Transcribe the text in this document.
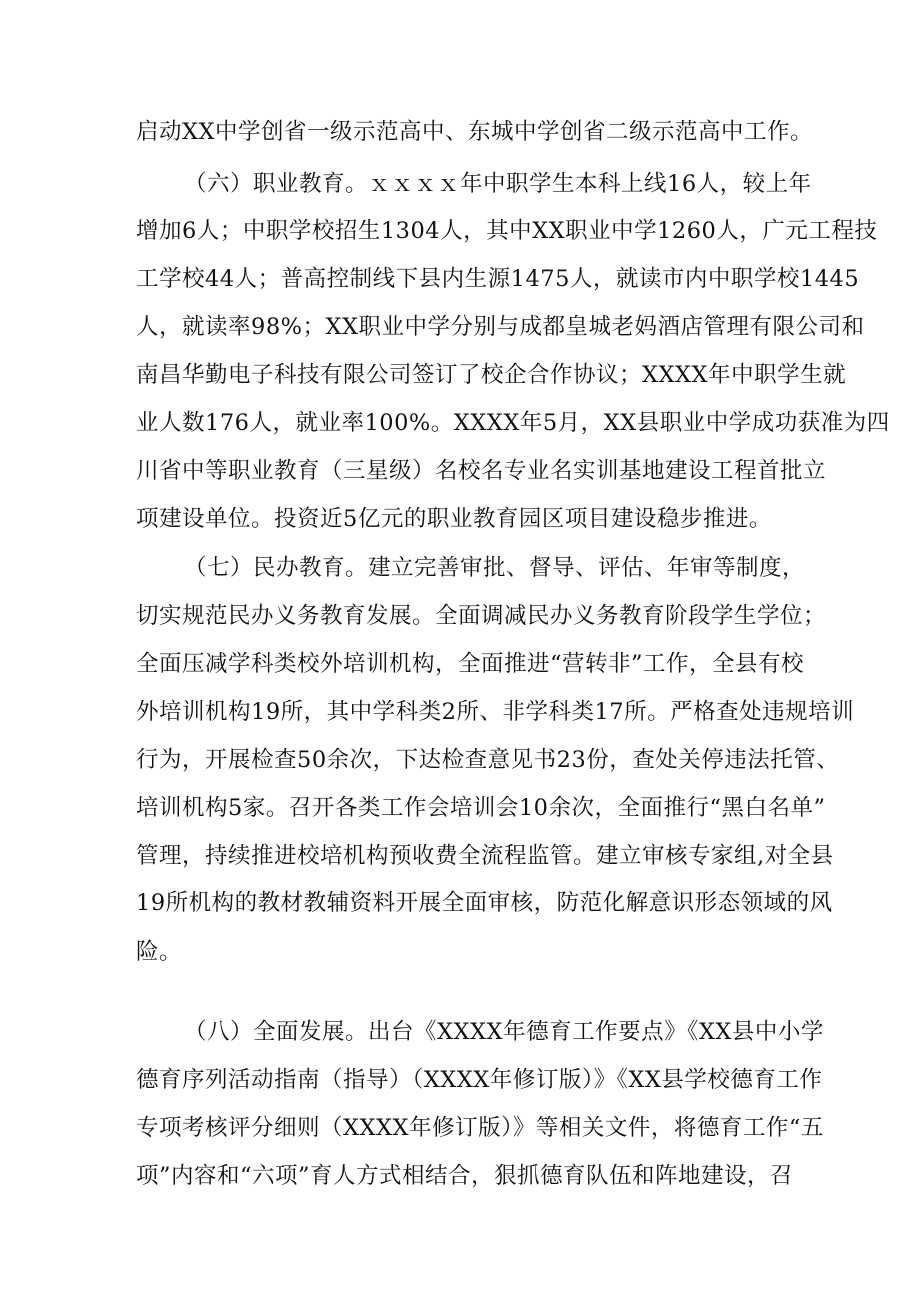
启动XX中学创省一级示范高中、东城中学创省二级示范高中工作。
（六）职业教育。ｘｘｘｘ年中职学生本科上线16人，较上年
增加6人；中职学校招生1304人，其中XX职业中学1260人，广元工程技
工学校44人；普高控制线下县内生源1475人，就读市内中职学校1445
人，就读率98%；XX职业中学分别与成都皇城老妈酒店管理有限公司和
南昌华勤电子科技有限公司签订了校企合作协议；XXXX年中职学生就
业人数176人，就业率100%。XXXX年5月，XX县职业中学成功获准为四
川省中等职业教育（三星级）名校名专业名实训基地建设工程首批立
项建设单位。投资近5亿元的职业教育园区项目建设稳步推进。
（七）民办教育。建立完善审批、督导、评估、年审等制度，
切实规范民办义务教育发展。全面调减民办义务教育阶段学生学位；
全面压减学科类校外培训机构，全面推进“营转非”工作，全县有校
外培训机构19所，其中学科类2所、非学科类17所。严格查处违规培训
行为，开展检查50余次，下达检查意见书23份，查处关停违法托管、
培训机构5家。召开各类工作会培训会10余次，全面推行“黑白名单”
管理，持续推进校培机构预收费全流程监管。建立审核专家组,对全县
19所机构的教材教辅资料开展全面审核，防范化解意识形态领域的风
险。
（八）全面发展。出台《XXXX年德育工作要点》《XX县中小学
德育序列活动指南（指导）（XXXX年修订版）》《XX县学校德育工作
专项考核评分细则（XXXX年修订版）》等相关文件，将德育工作“五
项”内容和“六项”育人方式相结合，狠抓德育队伍和阵地建设，召
